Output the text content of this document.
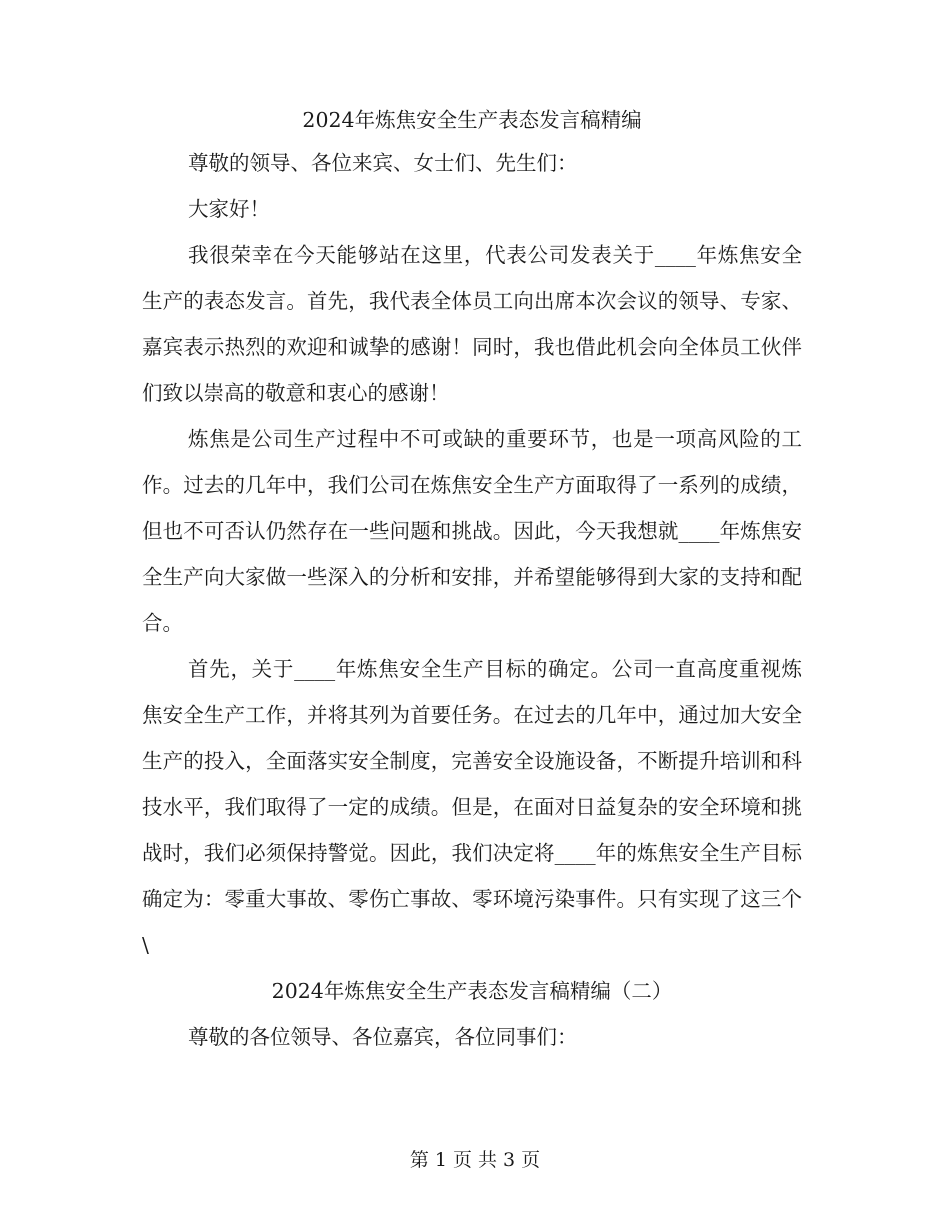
2024年炼焦安全生产表态发言稿精编

尊敬的领导、各位来宾、女士们、先生们：

大家好！

我很荣幸在今天能够站在这里，代表公司发表关于____年炼焦安全生产的表态发言。首先，我代表全体员工向出席本次会议的领导、专家、嘉宾表示热烈的欢迎和诚挚的感谢！同时，我也借此机会向全体员工伙伴们致以崇高的敬意和衷心的感谢！

炼焦是公司生产过程中不可或缺的重要环节，也是一项高风险的工作。过去的几年中，我们公司在炼焦安全生产方面取得了一系列的成绩，但也不可否认仍然存在一些问题和挑战。因此，今天我想就____年炼焦安全生产向大家做一些深入的分析和安排，并希望能够得到大家的支持和配合。

首先，关于____年炼焦安全生产目标的确定。公司一直高度重视炼焦安全生产工作，并将其列为首要任务。在过去的几年中，通过加大安全生产的投入，全面落实安全制度，完善安全设施设备，不断提升培训和科技水平，我们取得了一定的成绩。但是，在面对日益复杂的安全环境和挑战时，我们必须保持警觉。因此，我们决定将____年的炼焦安全生产目标确定为：零重大事故、零伤亡事故、零环境污染事件。只有实现了这三个\

2024年炼焦安全生产表态发言稿精编（二）

尊敬的各位领导、各位嘉宾，各位同事们：

第 1 页 共 3 页
